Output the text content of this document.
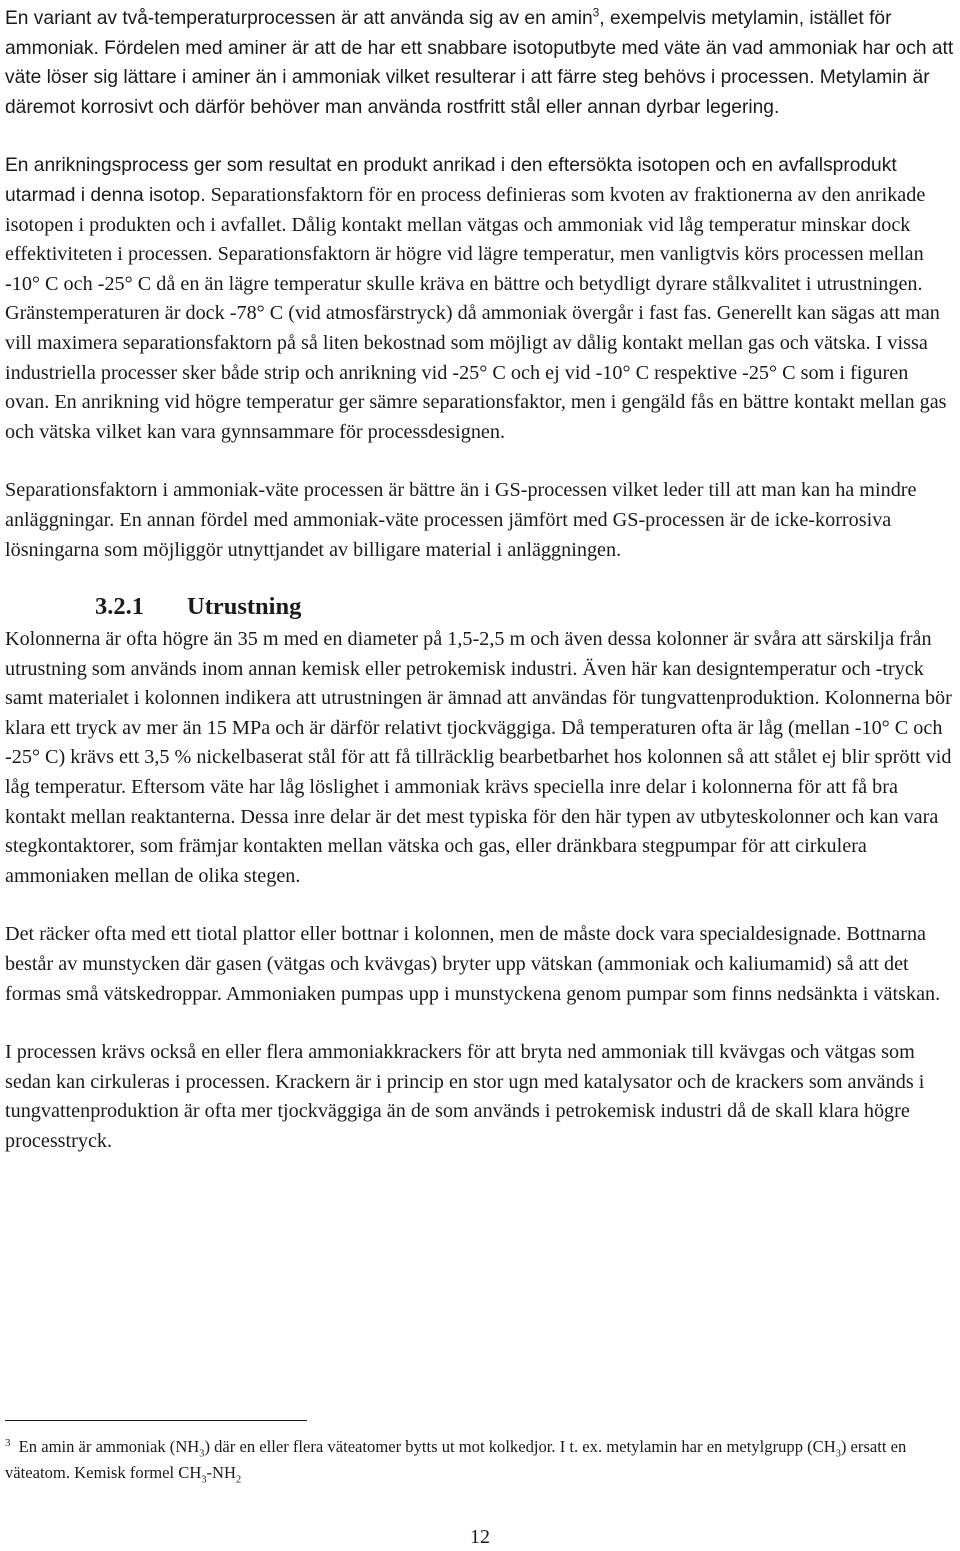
En variant av två-temperaturprocessen är att använda sig av en amin$^3$, exempelvis metylamin, istället för ammoniak. Fördelen med aminer är att de har ett snabbare isotoputbyte med väte än vad ammoniak har och att väte löser sig lättare i aminer än i ammoniak vilket resulterar i att färre steg behövs i processen. Metylamin är däremot korrosivt och därför behöver man använda rostfritt stål eller annan dyrbar legering.

En anrikningsprocess ger som resultat en produkt anrikad i den eftersökta isotopen och en avfallsprodukt utarmad i denna isotop. Separationsfaktorn för en process definieras som kvoten av fraktionerna av den anrikade isotopen i produkten och i avfallet. Dålig kontakt mellan vätgas och ammoniak vid låg temperatur minskar dock effektiviteten i processen. Separationsfaktorn är högre vid lägre temperatur, men vanligtvis körs processen mellan -10° C och -25° C då en än lägre temperatur skulle kräva en bättre och betydligt dyrare stålkvalitet i utrustningen. Gränstemperaturen är dock -78° C (vid atmosfärstryck) då ammoniak övergår i fast fas. Generellt kan sägas att man vill maximera separationsfaktorn på så liten bekostnad som möjligt av dålig kontakt mellan gas och vätska. I vissa industriella processer sker både strip och anrikning vid -25° C och ej vid -10° C respektive -25° C som i figuren ovan. En anrikning vid högre temperatur ger sämre separationsfaktor, men i gengäld fås en bättre kontakt mellan gas och vätska vilket kan vara gynnsammare för processdesignen.

Separationsfaktorn i ammoniak-väte processen är bättre än i GS-processen vilket leder till att man kan ha mindre anläggningar. En annan fördel med ammoniak-väte processen jämfört med GS-processen är de icke-korrosiva lösningarna som möjliggör utnyttjandet av billigare material i anläggningen.

3.2.1 Utrustning

Kolonnerna är ofta högre än 35 m med en diameter på 1,5-2,5 m och även dessa kolonner är svåra att särskilja från utrustning som används inom annan kemisk eller petrokemisk industri. Även här kan designtemperatur och -tryck samt materialet i kolonnen indikera att utrustningen är ämnad att användas för tungvattenproduktion. Kolonnerna bör klara ett tryck av mer än 15 MPa och är därför relativt tjockväggiga. Då temperaturen ofta är låg (mellan -10° C och -25° C) krävs ett 3,5 % nickelbaserat stål för att få tillräcklig bearbetbarhet hos kolonnen så att stålet ej blir sprött vid låg temperatur. Eftersom väte har låg löslighet i ammoniak krävs speciella inre delar i kolonnerna för att få bra kontakt mellan reaktanterna. Dessa inre delar är det mest typiska för den här typen av utbyteskolonner och kan vara stegkontaktorer, som främjar kontakten mellan vätska och gas, eller dränkbara stegpumpar för att cirkulera ammoniaken mellan de olika stegen.

Det räcker ofta med ett tiotal plattor eller bottnar i kolonnen, men de måste dock vara specialdesignade. Bottnarna består av munstycken där gasen (vätgas och kvävgas) bryter upp vätskan (ammoniak och kaliumamid) så att det formas små vätskedroppar. Ammoniaken pumpas upp i munstyckena genom pumpar som finns nedsänkta i vätskan.

I processen krävs också en eller flera ammoniakkrackers för att bryta ned ammoniak till kvävgas och vätgas som sedan kan cirkuleras i processen. Krackern är i princip en stor ugn med katalysator och de krackers som används i tungvattenproduktion är ofta mer tjockväggiga än de som används i petrokemisk industri då de skall klara högre processtryck.

$^3$ En amin är ammoniak $(NH_3)$ där en eller flera väteatomer bytts ut mot kolkedjor. I t. ex. metylamin har en metylgrupp $(CH_3)$ ersatt en väteatom. Kemisk formel $CH_3-NH_2$
12
